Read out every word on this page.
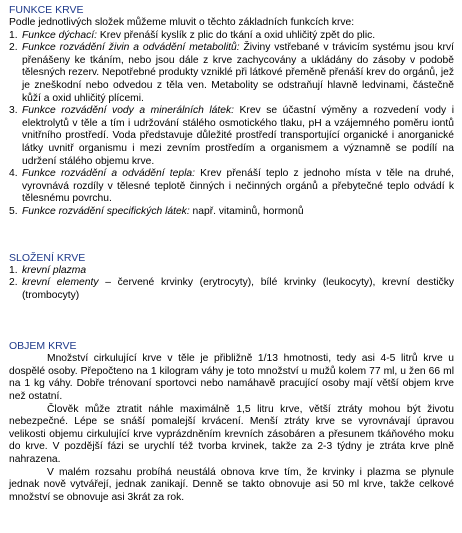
FUNKCE KRVE

Podle jednotlivých složek můžeme mluvit o těchto základních funkcích krve:

1. Funkce dýchací: Krev přenáší kyslík z plic do tkání a oxid uhličitý zpět do plic.
2. Funkce rozvádění živin a odvádění metabolitů: Živiny vstřebané v trávicím systému jsou krví přenášeny ke tkáním, nebo jsou dále z krve zachycovány a ukládány do zásoby v podobě tělesných rezerv. Nepotřebné produkty vzniklé při látkové přeměně přenáší krev do orgánů, jež je zneškodní nebo odvedou z těla ven. Metabolity se odstraňují hlavně ledvinami, částečně kůží a oxid uhličitý plícemi.
3. Funkce rozvádění vody a minerálních látek: Krev se účastní výměny a rozvedení vody i elektrolytů v těle a tím i udržování stálého osmotického tlaku, pH a vzájemného poměru iontů vnitřního prostředí. Voda představuje důležité prostředí transportující organické i anorganické látky uvnitř organismu i mezi zevním prostředím a organismem a významně se podílí na udržení stálého objemu krve.
4. Funkce rozvádění a odvádění tepla: Krev přenáší teplo z jednoho místa v těle na druhé, vyrovnává rozdíly v tělesné teplotě činných i nečinných orgánů a přebytečné teplo odvádí k tělesnému povrchu.
5. Funkce rozvádění specifických látek: např. vitaminů, hormonů
SLOŽENÍ KRVE
1. krevní plazma
2. krevní elementy – červené krvinky (erytrocyty), bílé krvinky (leukocyty), krevní destičky (trombocyty)
OBJEM KRVE

Množství cirkulující krve v těle je přibližně 1/13 hmotnosti, tedy asi 4-5 litrů krve u dospělé osoby. Přepočteno na 1 kilogram váhy je toto množství u mužů kolem 77 ml, u žen 66 ml na 1 kg váhy. Dobře trénovaní sportovci nebo namáhavě pracující osoby mají větší objem krve než ostatní.

Člověk může ztratit náhle maximálně 1,5 litru krve, větší ztráty mohou být životu nebezpečné. Lépe se snáší pomalejší krvácení. Menší ztráty krve se vyrovnávají úpravou velikosti objemu cirkulující krve vyprázdněním krevních zásobáren a přesunem tkáňového moku do krve. V pozdější fázi se urychlí též tvorba krvinek, takže za 2-3 týdny je ztráta krve plně nahrazena.

V malém rozsahu probíhá neustálá obnova krve tím, že krvinky i plazma se plynule jednak nově vytvářejí, jednak zanikají. Denně se takto obnovuje asi 50 ml krve, takže celkové množství se obnovuje asi 3krát za rok.
